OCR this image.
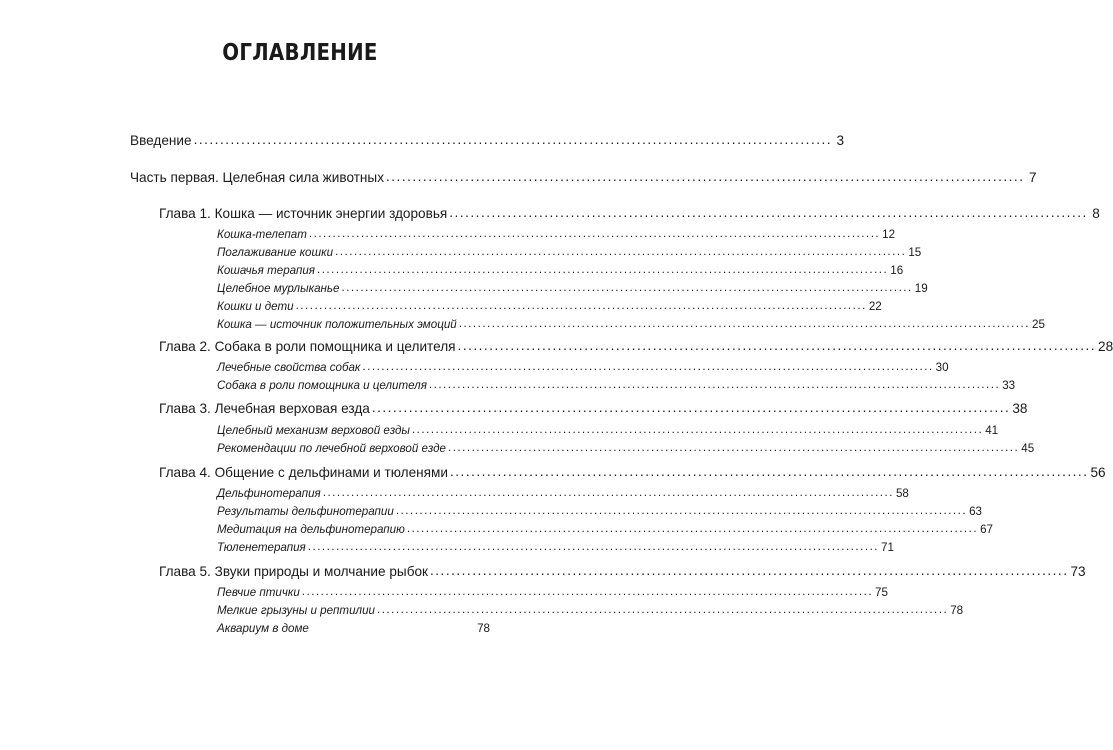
ОГЛАВЛЕНИЕ
Введение ......................................................................................................................... 3
Часть первая. Целебная сила животных ......................................................................................................................... 7
Глава 1. Кошка — источник энергии здоровья ......................................................................................................................... 8
Кошка-телепат ......................................................................................................................... 12
Поглаживание кошки ......................................................................................................................... 15
Кошачья терапия ......................................................................................................................... 16
Целебное мурлыканье ......................................................................................................................... 19
Кошки и дети ......................................................................................................................... 22
Кошка — источник положительных эмоций ......................................................................................................................... 25
Глава 2. Собака в роли помощника и целителя ......................................................................................................................... 28
Лечебные свойства собак ......................................................................................................................... 30
Собака в роли помощника и целителя ......................................................................................................................... 33
Глава 3. Лечебная верховая езда ......................................................................................................................... 38
Целебный механизм верховой езды ......................................................................................................................... 41
Рекомендации по лечебной верховой езде ......................................................................................................................... 45
Глава 4. Общение с дельфинами и тюленями ......................................................................................................................... 56
Дельфинотерапия ......................................................................................................................... 58
Результаты дельфинотерапии ......................................................................................................................... 63
Медитация на дельфинотерапию ......................................................................................................................... 67
Тюленетерапия ......................................................................................................................... 71
Глава 5. Звуки природы и молчание рыбок ......................................................................................................................... 73
Певчие птички ......................................................................................................................... 75
Мелкие грызуны и рептилии ......................................................................................................................... 78
Аквариум в доме	78
